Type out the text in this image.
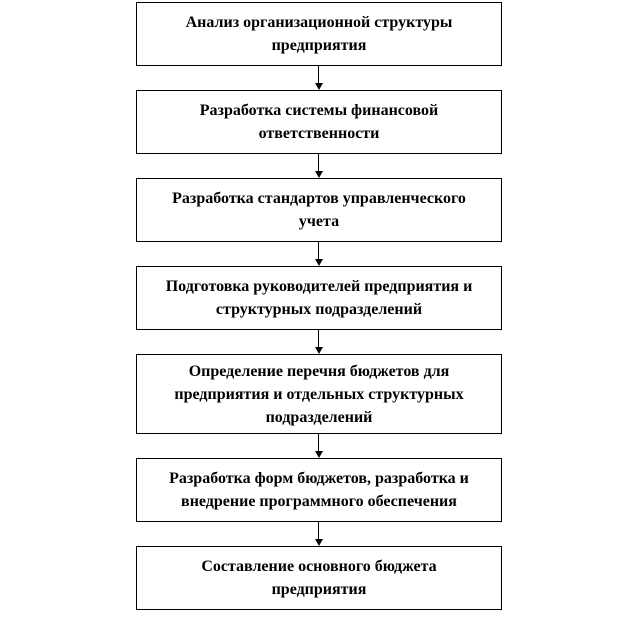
Анализ организационной структуры
предприятия
Разработка системы финансовой
ответственности
Разработка стандартов управленческого
учета
Подготовка руководителей предприятия и
структурных подразделений
Определение перечня бюджетов для
предприятия и отдельных структурных
подразделений
Разработка форм бюджетов, разработка и
внедрение программного обеспечения
Составление основного бюджета
предприятия
